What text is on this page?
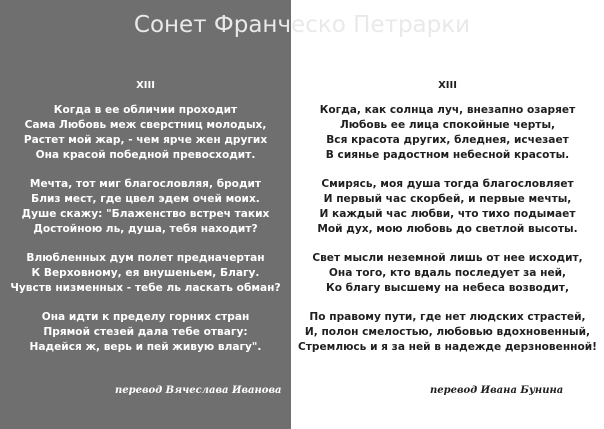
Сонет Франческо Петрарки
XIII
Когда в ее обличии проходит
Сама Любовь меж сверстниц молодых,
Растет мой жар, - чем ярче жен других
Она красой победной превосходит.
Мечта, тот миг благословляя, бродит
Близ мест, где цвел эдем очей моих.
Душе скажу: "Блаженство встреч таких
Достойною ль, душа, тебя находит?
Влюбленных дум полет предначертан
К Верховному, ея внушеньем, Благу.
Чувств низменных - тебе ль ласкать обман?
Она идти к пределу горних стран
Прямой стезей дала тебе отвагу:
Надейся ж, верь и пей живую влагу".
XIII
Когда, как солнца луч, внезапно озаряет
Любовь ее лица спокойные черты,
Вся красота других, бледнея, исчезает
В сиянье радостном небесной красоты.
Смирясь, моя душа тогда благословляет
И первый час скорбей, и первые мечты,
И каждый час любви, что тихо подымает
Мой дух, мою любовь до светлой высоты.
Свет мысли неземной лишь от нее исходит,
Она того, кто вдаль последует за ней,
Ко благу высшему на небеса возводит,
По правому пути, где нет людских страстей,
И, полон смелостью, любовью вдохновенный,
Стремлюсь и я за ней в надежде дерзновенной!
перевод Вячеслава Иванова	перевод Ивана Бунина
